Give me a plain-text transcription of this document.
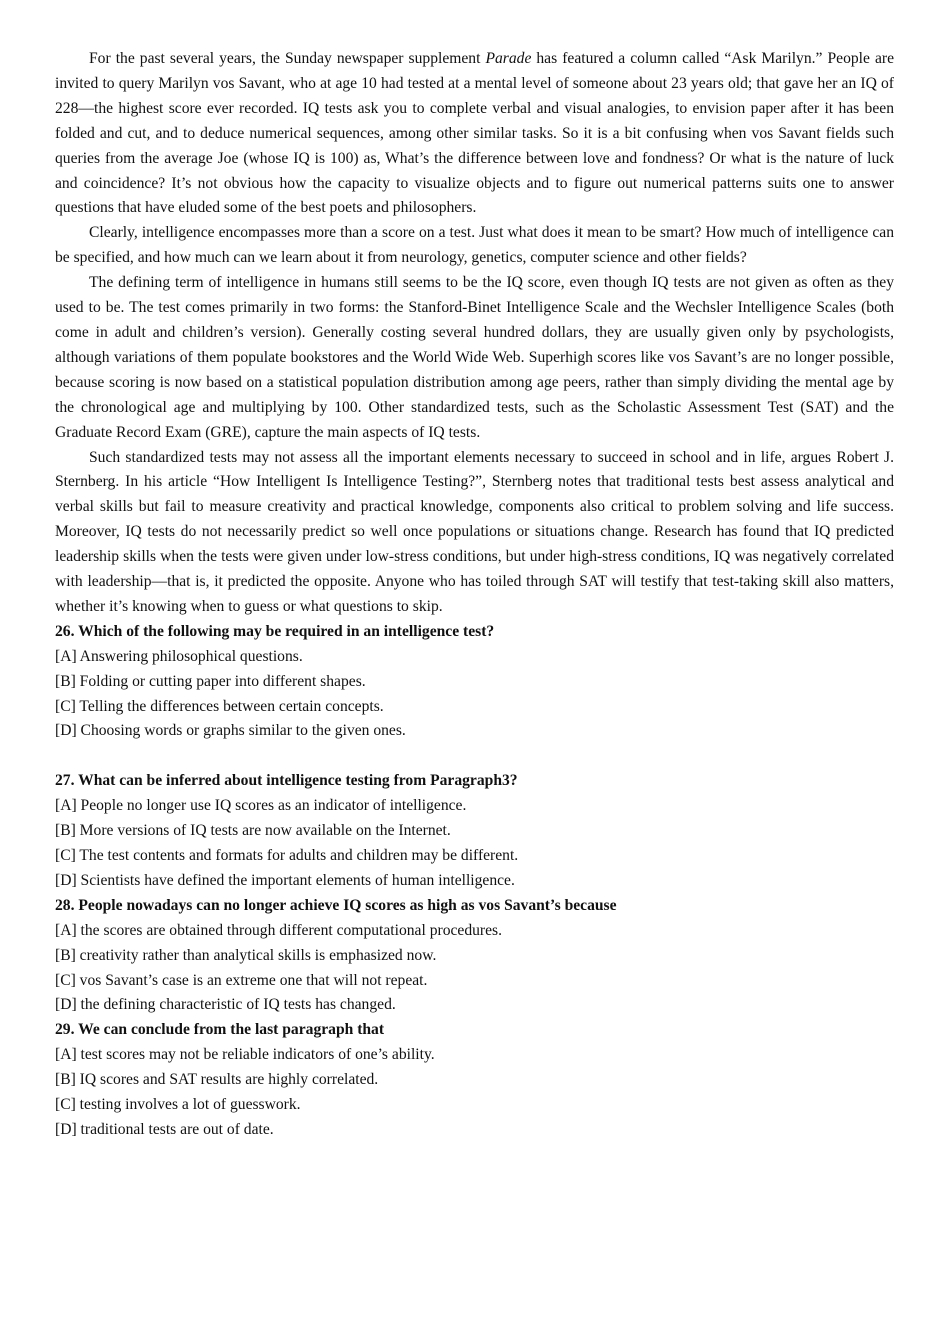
For the past several years, the Sunday newspaper supplement Parade has featured a column called “Ask Marilyn.” People are invited to query Marilyn vos Savant, who at age 10 had tested at a mental level of someone about 23 years old; that gave her an IQ of 228—the highest score ever recorded. IQ tests ask you to complete verbal and visual analogies, to envision paper after it has been folded and cut, and to deduce numerical sequences, among other similar tasks. So it is a bit confusing when vos Savant fields such queries from the average Joe (whose IQ is 100) as, What’s the difference between love and fondness? Or what is the nature of luck and coincidence? It’s not obvious how the capacity to visualize objects and to figure out numerical patterns suits one to answer questions that have eluded some of the best poets and philosophers.

Clearly, intelligence encompasses more than a score on a test. Just what does it mean to be smart? How much of intelligence can be specified, and how much can we learn about it from neurology, genetics, computer science and other fields?

The defining term of intelligence in humans still seems to be the IQ score, even though IQ tests are not given as often as they used to be. The test comes primarily in two forms: the Stanford-Binet Intelligence Scale and the Wechsler Intelligence Scales (both come in adult and children’s version). Generally costing several hundred dollars, they are usually given only by psychologists, although variations of them populate bookstores and the World Wide Web. Superhigh scores like vos Savant’s are no longer possible, because scoring is now based on a statistical population distribution among age peers, rather than simply dividing the mental age by the chronological age and multiplying by 100. Other standardized tests, such as the Scholastic Assessment Test (SAT) and the Graduate Record Exam (GRE), capture the main aspects of IQ tests.

Such standardized tests may not assess all the important elements necessary to succeed in school and in life, argues Robert J. Sternberg. In his article “How Intelligent Is Intelligence Testing?”, Sternberg notes that traditional tests best assess analytical and verbal skills but fail to measure creativity and practical knowledge, components also critical to problem solving and life success. Moreover, IQ tests do not necessarily predict so well once populations or situations change. Research has found that IQ predicted leadership skills when the tests were given under low-stress conditions, but under high-stress conditions, IQ was negatively correlated with leadership—that is, it predicted the opposite. Anyone who has toiled through SAT will testify that test-taking skill also matters, whether it’s knowing when to guess or what questions to skip.

26. Which of the following may be required in an intelligence test?

[A] Answering philosophical questions.

[B] Folding or cutting paper into different shapes.

[C] Telling the differences between certain concepts.

[D] Choosing words or graphs similar to the given ones.

27. What can be inferred about intelligence testing from Paragraph3?

[A] People no longer use IQ scores as an indicator of intelligence.

[B] More versions of IQ tests are now available on the Internet.

[C] The test contents and formats for adults and children may be different.

[D] Scientists have defined the important elements of human intelligence.

28. People nowadays can no longer achieve IQ scores as high as vos Savant’s because

[A] the scores are obtained through different computational procedures.

[B] creativity rather than analytical skills is emphasized now.

[C] vos Savant’s case is an extreme one that will not repeat.

[D] the defining characteristic of IQ tests has changed.

29. We can conclude from the last paragraph that

[A] test scores may not be reliable indicators of one’s ability.

[B] IQ scores and SAT results are highly correlated.

[C] testing involves a lot of guesswork.

[D] traditional tests are out of date.
